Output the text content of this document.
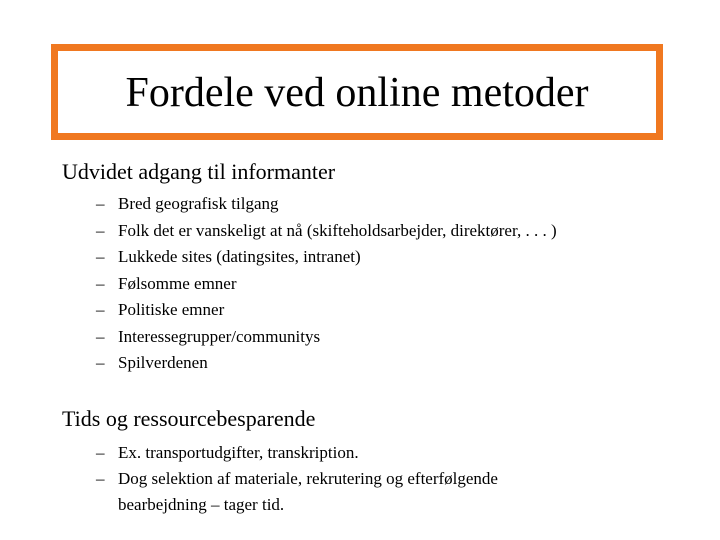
Fordele ved online metoder
Udvidet adgang til informanter
– Bred geografisk tilgang
– Folk det er vanskeligt at nå (skifteholdsarbejder, direktører, . . . )
– Lukkede sites (datingsites, intranet)
– Følsomme emner
– Politiske emner
– Interessegrupper/communitys
– Spilverdenen
Tids og ressourcebesparende
– Ex. transportudgifter, transkription.
– Dog selektion af materiale, rekrutering og efterfølgende bearbejdning – tager tid.
